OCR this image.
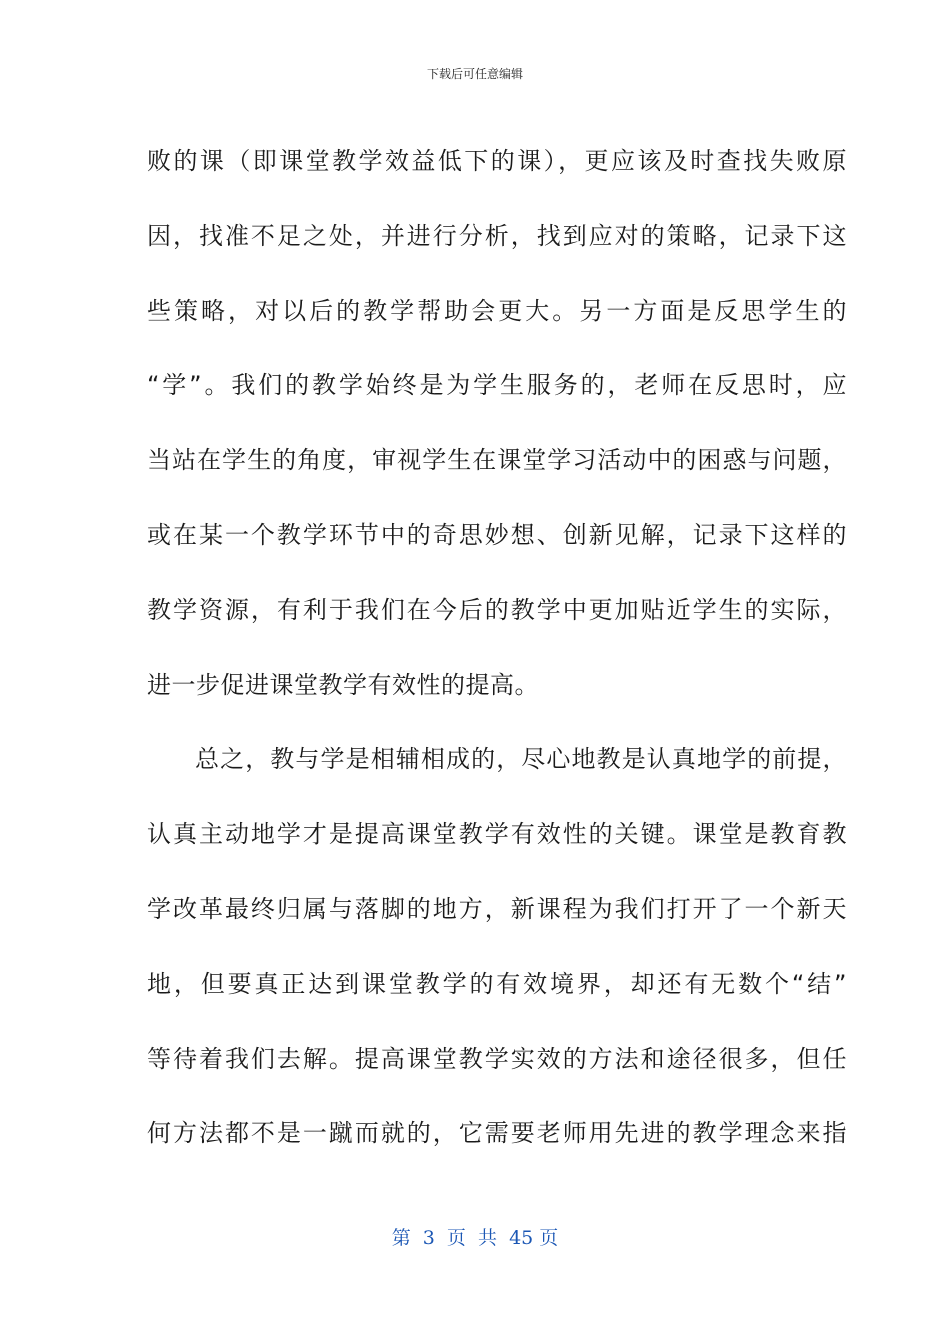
下载后可任意编辑
败的课（即课堂教学效益低下的课），更应该及时查找失败原
因，找准不足之处，并进行分析，找到应对的策略，记录下这
些策略，对以后的教学帮助会更大。另一方面是反思学生的
“学”。我们的教学始终是为学生服务的，老师在反思时，应
当站在学生的角度，审视学生在课堂学习活动中的困惑与问题，
或在某一个教学环节中的奇思妙想、创新见解，记录下这样的
教学资源，有利于我们在今后的教学中更加贴近学生的实际，
进一步促进课堂教学有效性的提高。
总之，教与学是相辅相成的，尽心地教是认真地学的前提，
认真主动地学才是提高课堂教学有效性的关键。课堂是教育教
学改革最终归属与落脚的地方，新课程为我们打开了一个新天
地，但要真正达到课堂教学的有效境界，却还有无数个“结”
等待着我们去解。提高课堂教学实效的方法和途径很多，但任
何方法都不是一蹴而就的，它需要老师用先进的教学理念来指
第  3  页  共  45 页
